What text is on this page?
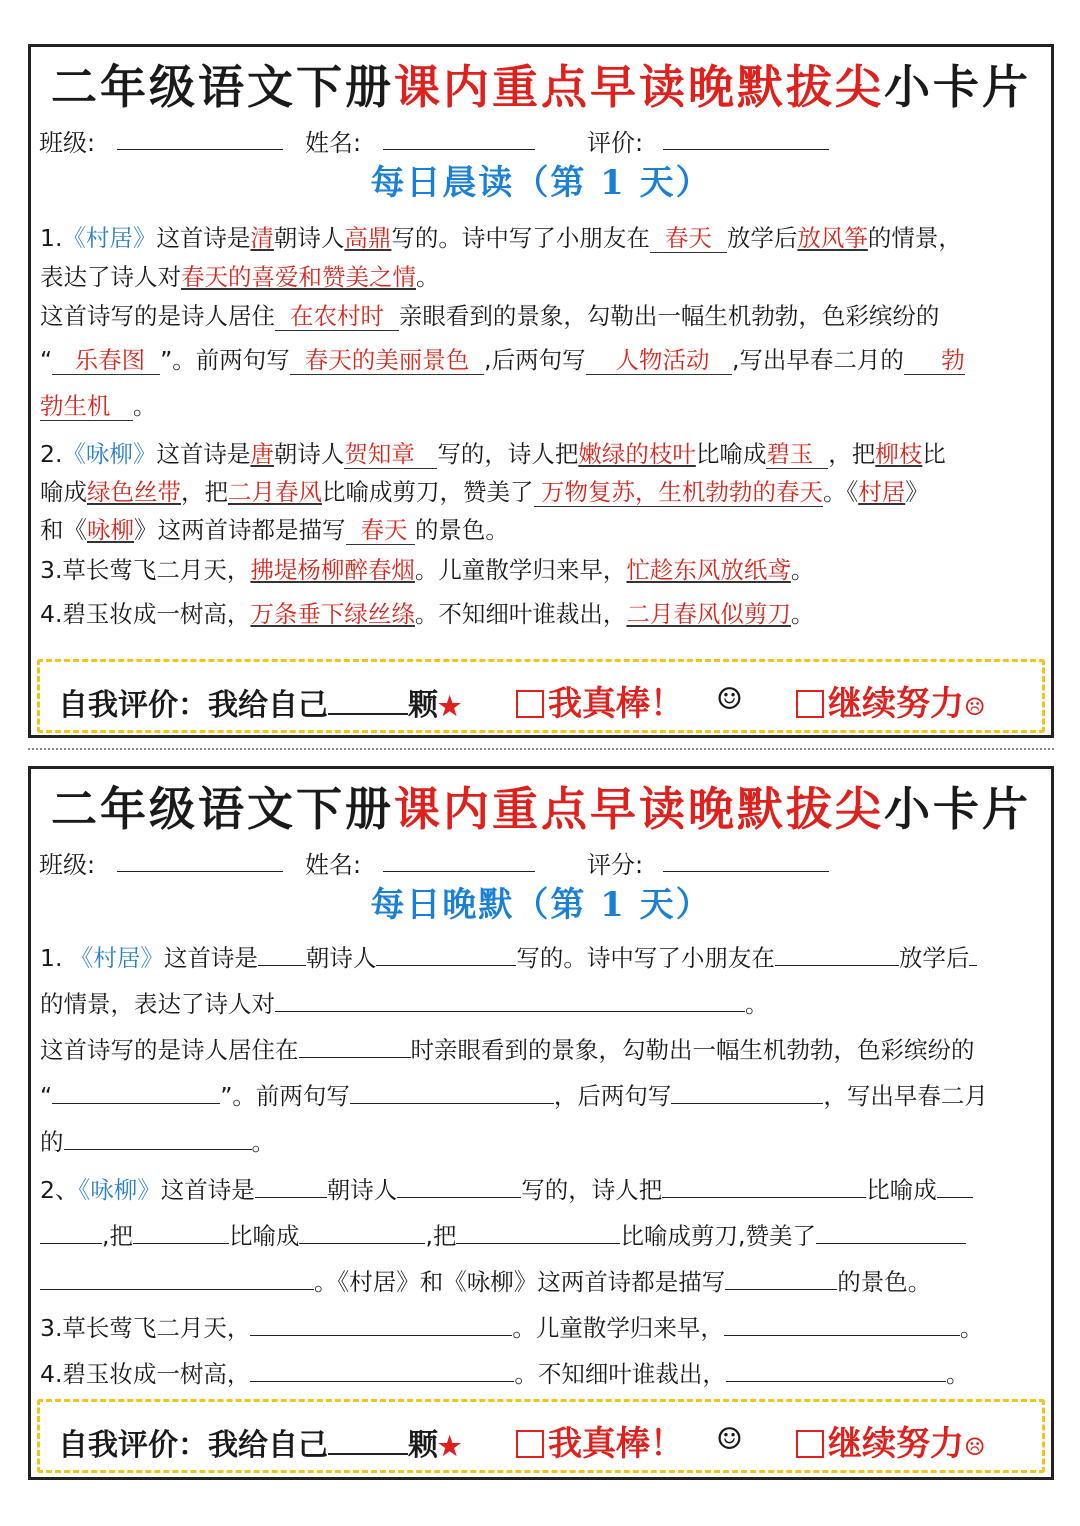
二年级语文下册课内重点早读晚默拔尖小卡片
班级:	姓名:	评价:
每日晨读（第 1 天）

1.《村居》这首诗是清朝诗人高鼎写的。诗中写了小朋友在 春天 放学后放风筝的情景，

表达了诗人对春天的喜爱和赞美之情。

这首诗写的是诗人居住 在农村时 亲眼看到的景象，勾勒出一幅生机勃勃，色彩缤纷的

“ 乐春图 ”。前两句写 春天的美丽景色 ,后两句写 人物活动 ,写出早春二月的 勃

勃生机 。

2.《咏柳》这首诗是唐朝诗人贺知章 写的，诗人把嫩绿的枝叶比喻成碧玉 ，把柳枝比

喻成绿色丝带，把二月春风比喻成剪刀，赞美了 万物复苏，生机勃勃的春天。《村居》

和《咏柳》这两首诗都是描写 春天 的景色。

3.草长莺飞二月天，拂堤杨柳醉春烟。儿童散学归来早，忙趁东风放纸鸢。

4.碧玉妆成一树高，万条垂下绿丝绦。不知细叶谁裁出，二月春风似剪刀。

自我评价：我给自己	颗★	我真棒！ ☺	继续努力☹
二年级语文下册课内重点早读晚默拔尖小卡片
班级:	姓名:	评分:
每日晚默（第 1 天）

1. 《村居》这首诗是 朝诗人	写的。诗中写了小朋友在	放学后

的情景，表达了诗人对	。

这首诗写的是诗人居住在	时亲眼看到的景象，勾勒出一幅生机勃勃，色彩缤纷的

“	”。前两句写	，后两句写	，写出早春二月

的	。

2、《咏柳》这首诗是	朝诗人	写的，诗人把	比喻成

,把	比喻成	,把	比喻成剪刀,赞美了

。《村居》和《咏柳》这两首诗都是描写	的景色。

3.草长莺飞二月天，	。儿童散学归来早，	。

4.碧玉妆成一树高，	。不知细叶谁裁出，	。

自我评价：我给自己	颗★	我真棒！ ☺	继续努力☹
